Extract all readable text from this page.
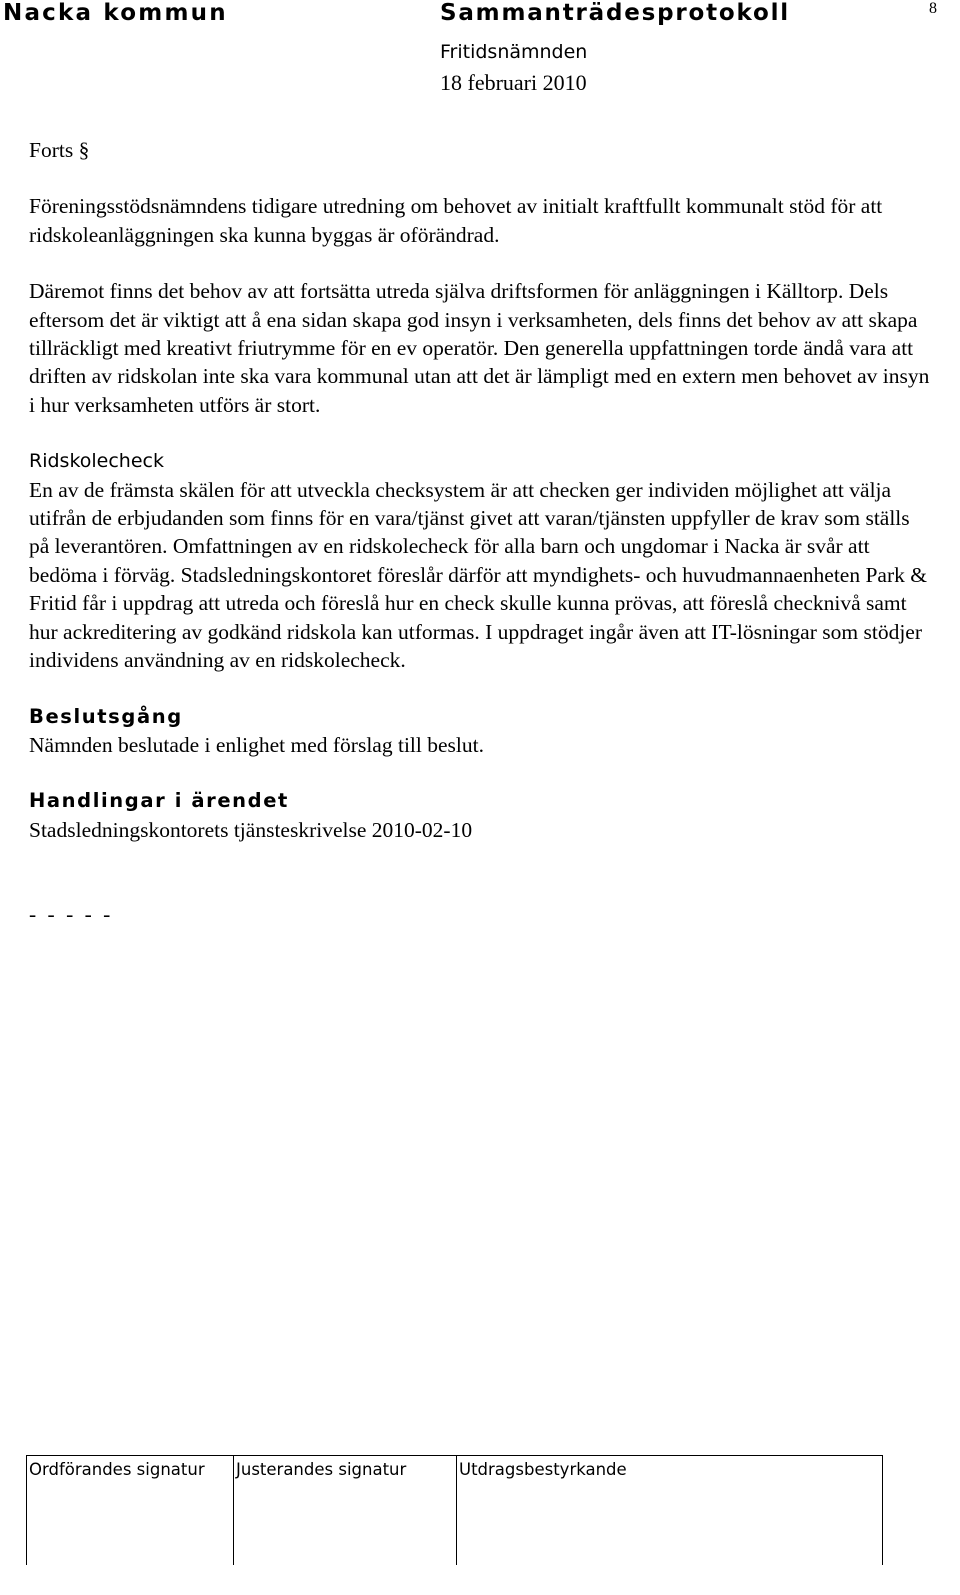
Nacka kommun	Sammanträdesprotokoll	8
Fritidsnämnden
18 februari 2010

Forts §

Föreningsstödsnämndens tidigare utredning om behovet av initialt kraftfullt kommunalt stöd för att ridskoleanläggningen ska kunna byggas är oförändrad.

Däremot finns det behov av att fortsätta utreda själva driftsformen för anläggningen i Källtorp. Dels eftersom det är viktigt att å ena sidan skapa god insyn i verksamheten, dels finns det behov av att skapa tillräckligt med kreativt friutrymme för en ev operatör. Den generella uppfattningen torde ändå vara att driften av ridskolan inte ska vara kommunal utan att det är lämpligt med en extern men behovet av insyn i hur verksamheten utförs är stort.

Ridskolecheck

En av de främsta skälen för att utveckla checksystem är att checken ger individen möjlighet att välja utifrån de erbjudanden som finns för en vara/tjänst givet att varan/tjänsten uppfyller de krav som ställs på leverantören. Omfattningen av en ridskolecheck för alla barn och ungdomar i Nacka är svår att bedöma i förväg. Stadsledningskontoret föreslår därför att myndighets- och huvudmannaenheten Park & Fritid får i uppdrag att utreda och föreslå hur en check skulle kunna prövas, att föreslå checknivå samt hur ackreditering av godkänd ridskola kan utformas. I uppdraget ingår även att IT-lösningar som stödjer individens användning av en ridskolecheck.

Beslutsgång

Nämnden beslutade i enlighet med förslag till beslut.

Handlingar i ärendet

Stadsledningskontorets tjänsteskrivelse 2010-02-10

- - - - -

Ordförandes signatur	Justerandes signatur	Utdragsbestyrkande
